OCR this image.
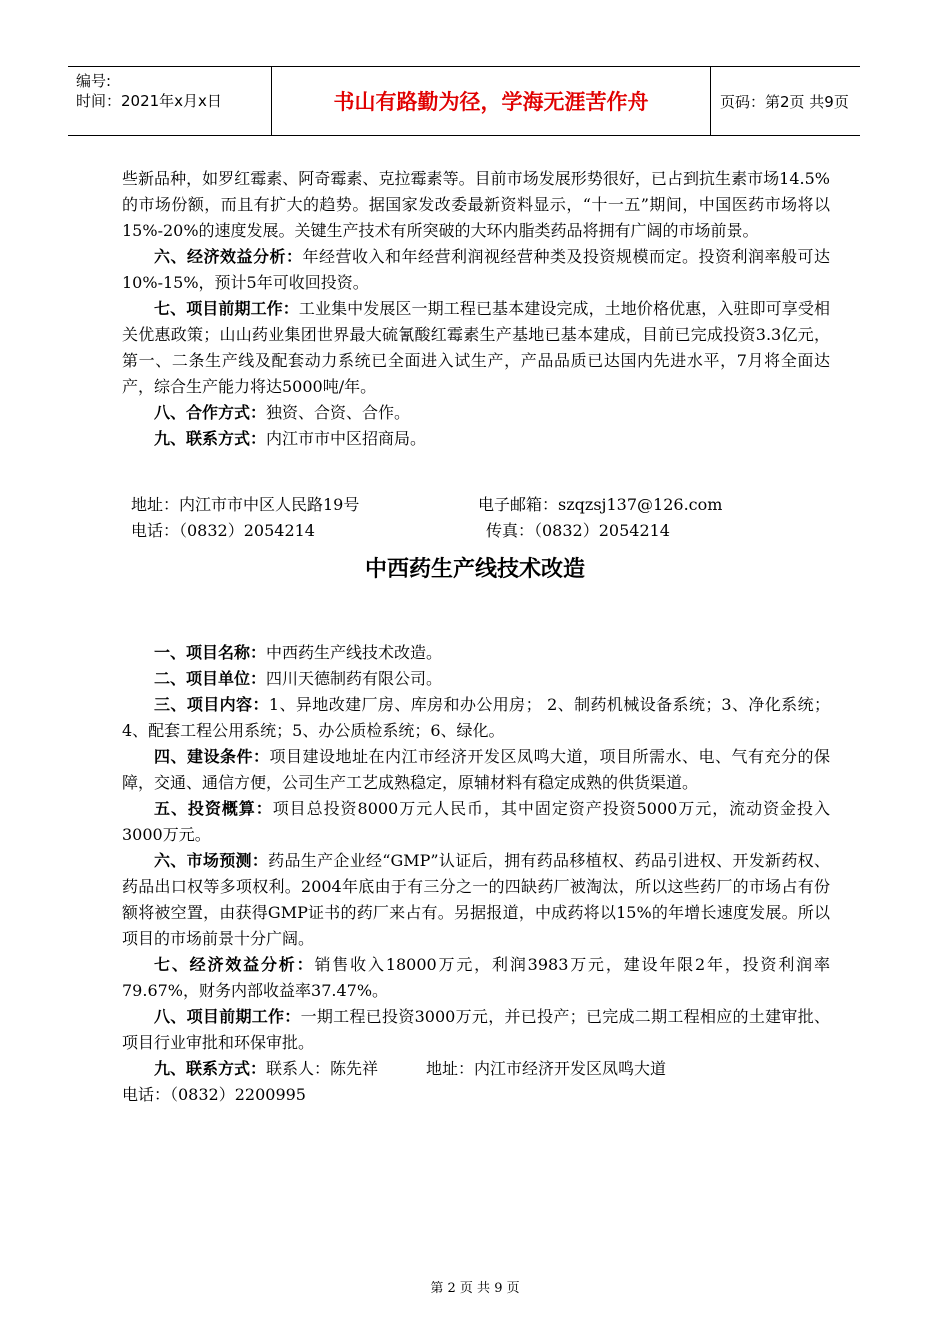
编号:
时间：2021年x月x日	书山有路勤为径，学海无涯苦作舟	页码：第2页 共9页

些新品种，如罗红霉素、阿奇霉素、克拉霉素等。目前市场发展形势很好，已占到抗生素市场14.5%的市场份额，而且有扩大的趋势。据国家发改委最新资料显示，“十一五”期间，中国医药市场将以15%-20%的速度发展。关键生产技术有所突破的大环内脂类药品将拥有广阔的市场前景。

六、经济效益分析：年经营收入和年经营利润视经营种类及投资规模而定。投资利润率般可达10%-15%，预计5年可收回投资。

七、项目前期工作：工业集中发展区一期工程已基本建设完成，土地价格优惠，入驻即可享受相关优惠政策；山山药业集团世界最大硫氰酸红霉素生产基地已基本建成，目前已完成投资3.3亿元，第一、二条生产线及配套动力系统已全面进入试生产，产品品质已达国内先进水平，7月将全面达产，综合生产能力将达5000吨/年。

八、合作方式：独资、合资、合作。

九、联系方式：内江市市中区招商局。

地址：内江市市中区人民路19号	电子邮箱：szqzsj137@126.com
电话：（0832）2054214	传真：（0832）2054214
中西药生产线技术改造

一、项目名称：中西药生产线技术改造。

二、项目单位：四川天德制药有限公司。

三、项目内容：1、异地改建厂房、库房和办公用房； 2、制药机械设备系统；3、净化系统；4、配套工程公用系统；5、办公质检系统；6、绿化。

四、建设条件：项目建设地址在内江市经济开发区凤鸣大道，项目所需水、电、气有充分的保障，交通、通信方便，公司生产工艺成熟稳定，原辅材料有稳定成熟的供货渠道。

五、投资概算：项目总投资8000万元人民币，其中固定资产投资5000万元，流动资金投入3000万元。

六、市场预测：药品生产企业经“GMP”认证后，拥有药品移植权、药品引进权、开发新药权、药品出口权等多项权利。2004年底由于有三分之一的四缺药厂被淘汰，所以这些药厂的市场占有份额将被空置，由获得GMP证书的药厂来占有。另据报道，中成药将以15%的年增长速度发展。所以项目的市场前景十分广阔。

七、经济效益分析：销售收入18000万元，利润3983万元，建设年限2年，投资利润率79.67%，财务内部收益率37.47%。

八、项目前期工作：一期工程已投资3000万元，并已投产；已完成二期工程相应的土建审批、项目行业审批和环保审批。

九、联系方式：联系人：陈先祥　　　地址：内江市经济开发区凤鸣大道

电话：（0832）2200995

第 2 页 共 9 页
